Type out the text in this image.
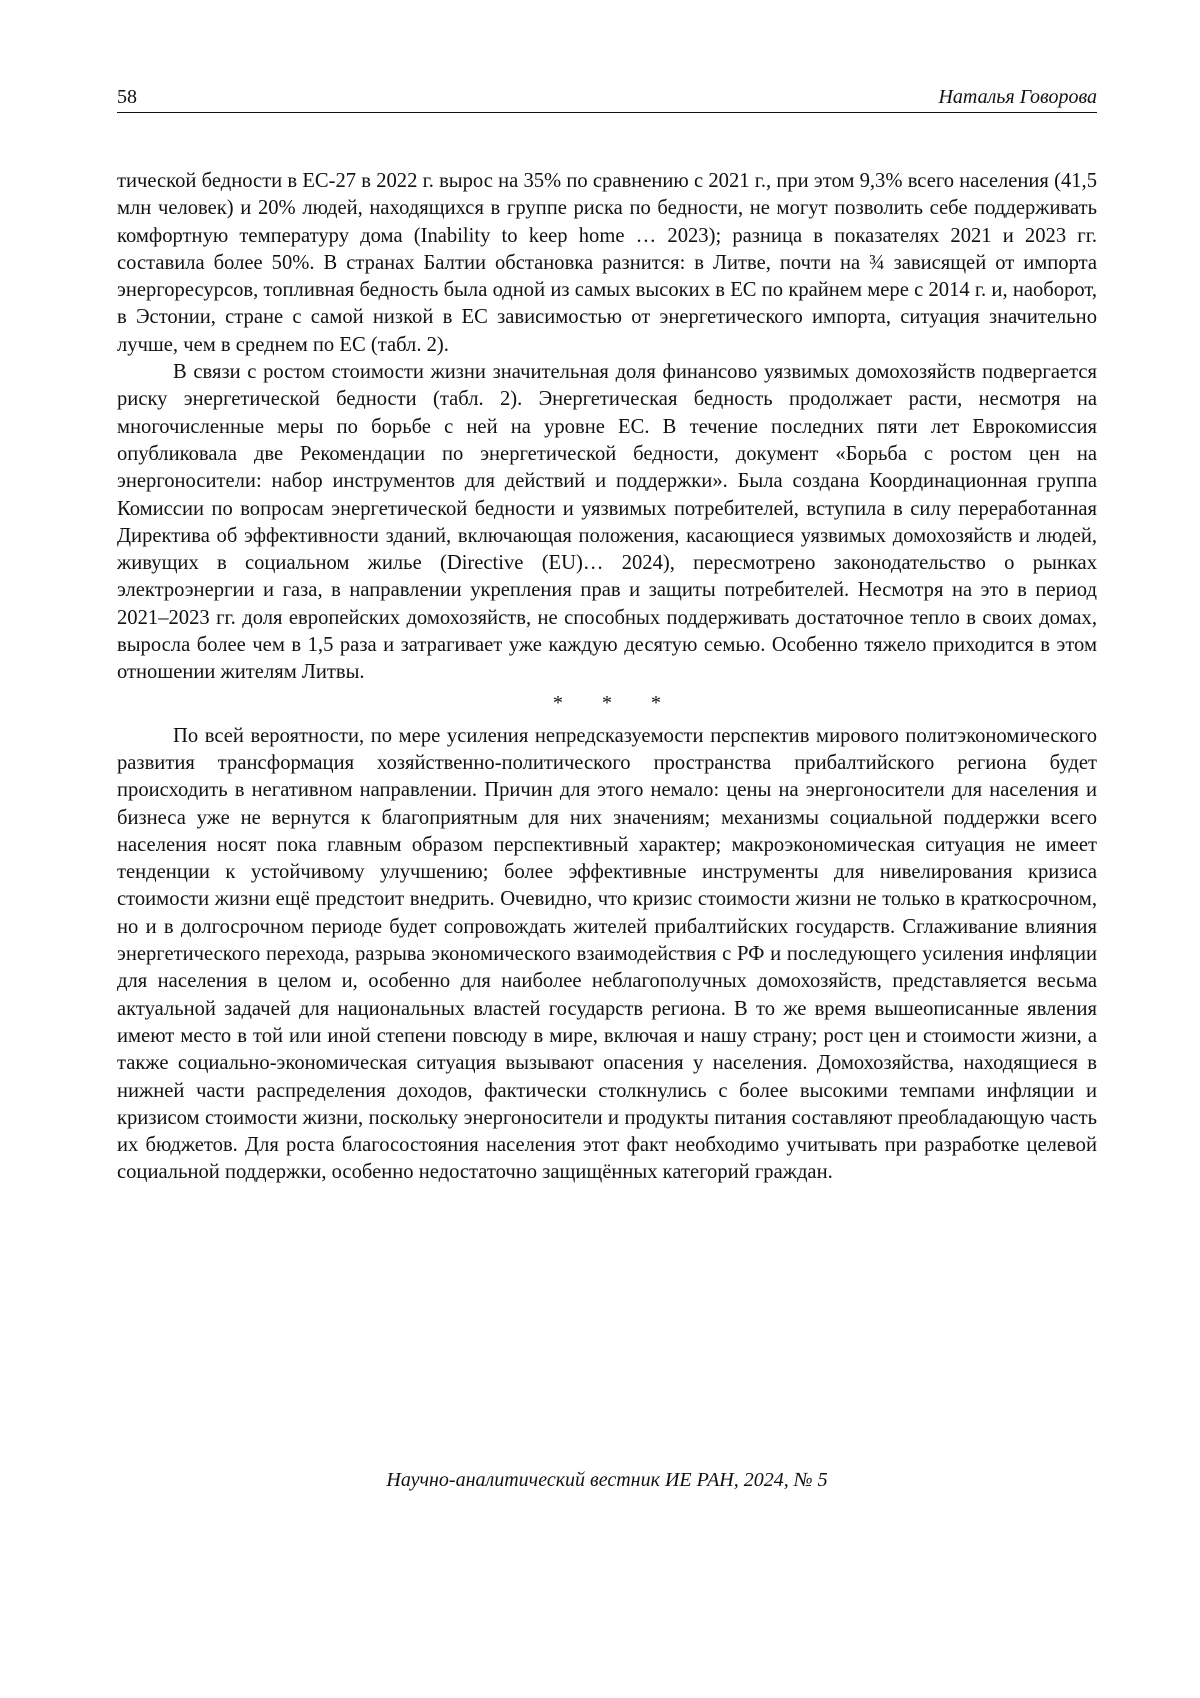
58	Наталья Говорова

тической бедности в ЕС-27 в 2022 г. вырос на 35% по сравнению с 2021 г., при этом 9,3% всего населения (41,5 млн человек) и 20% людей, находящихся в группе риска по бедности, не могут позволить себе поддерживать комфортную температуру дома (Inability to keep home … 2023); разница в показателях 2021 и 2023 гг. составила более 50%. В странах Балтии обстановка разнится: в Литве, почти на ¾ зависящей от импорта энергоресурсов, топливная бедность была одной из самых высоких в ЕС по крайнем мере с 2014 г. и, наоборот, в Эстонии, стране с самой низкой в ЕС зависимостью от энергетического импорта, ситуация значительно лучше, чем в среднем по ЕС (табл. 2).

В связи с ростом стоимости жизни значительная доля финансово уязвимых домохозяйств подвергается риску энергетической бедности (табл. 2). Энергетическая бедность продолжает расти, несмотря на многочисленные меры по борьбе с ней на уровне ЕС. В течение последних пяти лет Еврокомиссия опубликовала две Рекомендации по энергетической бедности, документ «Борьба с ростом цен на энергоносители: набор инструментов для действий и поддержки». Была создана Координационная группа Комиссии по вопросам энергетической бедности и уязвимых потребителей, вступила в силу переработанная Директива об эффективности зданий, включающая положения, касающиеся уязвимых домохозяйств и людей, живущих в социальном жилье (Directive (EU)… 2024), пересмотрено законодательство о рынках электроэнергии и газа, в направлении укрепления прав и защиты потребителей. Несмотря на это в период 2021–2023 гг. доля европейских домохозяйств, не способных поддерживать достаточное тепло в своих домах, выросла более чем в 1,5 раза и затрагивает уже каждую десятую семью. Особенно тяжело приходится в этом отношении жителям Литвы.

* * *

По всей вероятности, по мере усиления непредсказуемости перспектив мирового политэкономического развития трансформация хозяйственно-политического пространства прибалтийского региона будет происходить в негативном направлении. Причин для этого немало: цены на энергоносители для населения и бизнеса уже не вернутся к благоприятным для них значениям; механизмы социальной поддержки всего населения носят пока главным образом перспективный характер; макроэкономическая ситуация не имеет тенденции к устойчивому улучшению; более эффективные инструменты для нивелирования кризиса стоимости жизни ещё предстоит внедрить. Очевидно, что кризис стоимости жизни не только в краткосрочном, но и в долгосрочном периоде будет сопровождать жителей прибалтийских государств. Сглаживание влияния энергетического перехода, разрыва экономического взаимодействия с РФ и последующего усиления инфляции для населения в целом и, особенно для наиболее неблагополучных домохозяйств, представляется весьма актуальной задачей для национальных властей государств региона. В то же время вышеописанные явления имеют место в той или иной степени повсюду в мире, включая и нашу страну; рост цен и стоимости жизни, а также социально-экономическая ситуация вызывают опасения у населения. Домохозяйства, находящиеся в нижней части распределения доходов, фактически столкнулись с более высокими темпами инфляции и кризисом стоимости жизни, поскольку энергоносители и продукты питания составляют преобладающую часть их бюджетов. Для роста благосостояния населения этот факт необходимо учитывать при разработке целевой социальной поддержки, особенно недостаточно защищённых категорий граждан.

Научно-аналитический вестник ИЕ РАН, 2024, № 5
